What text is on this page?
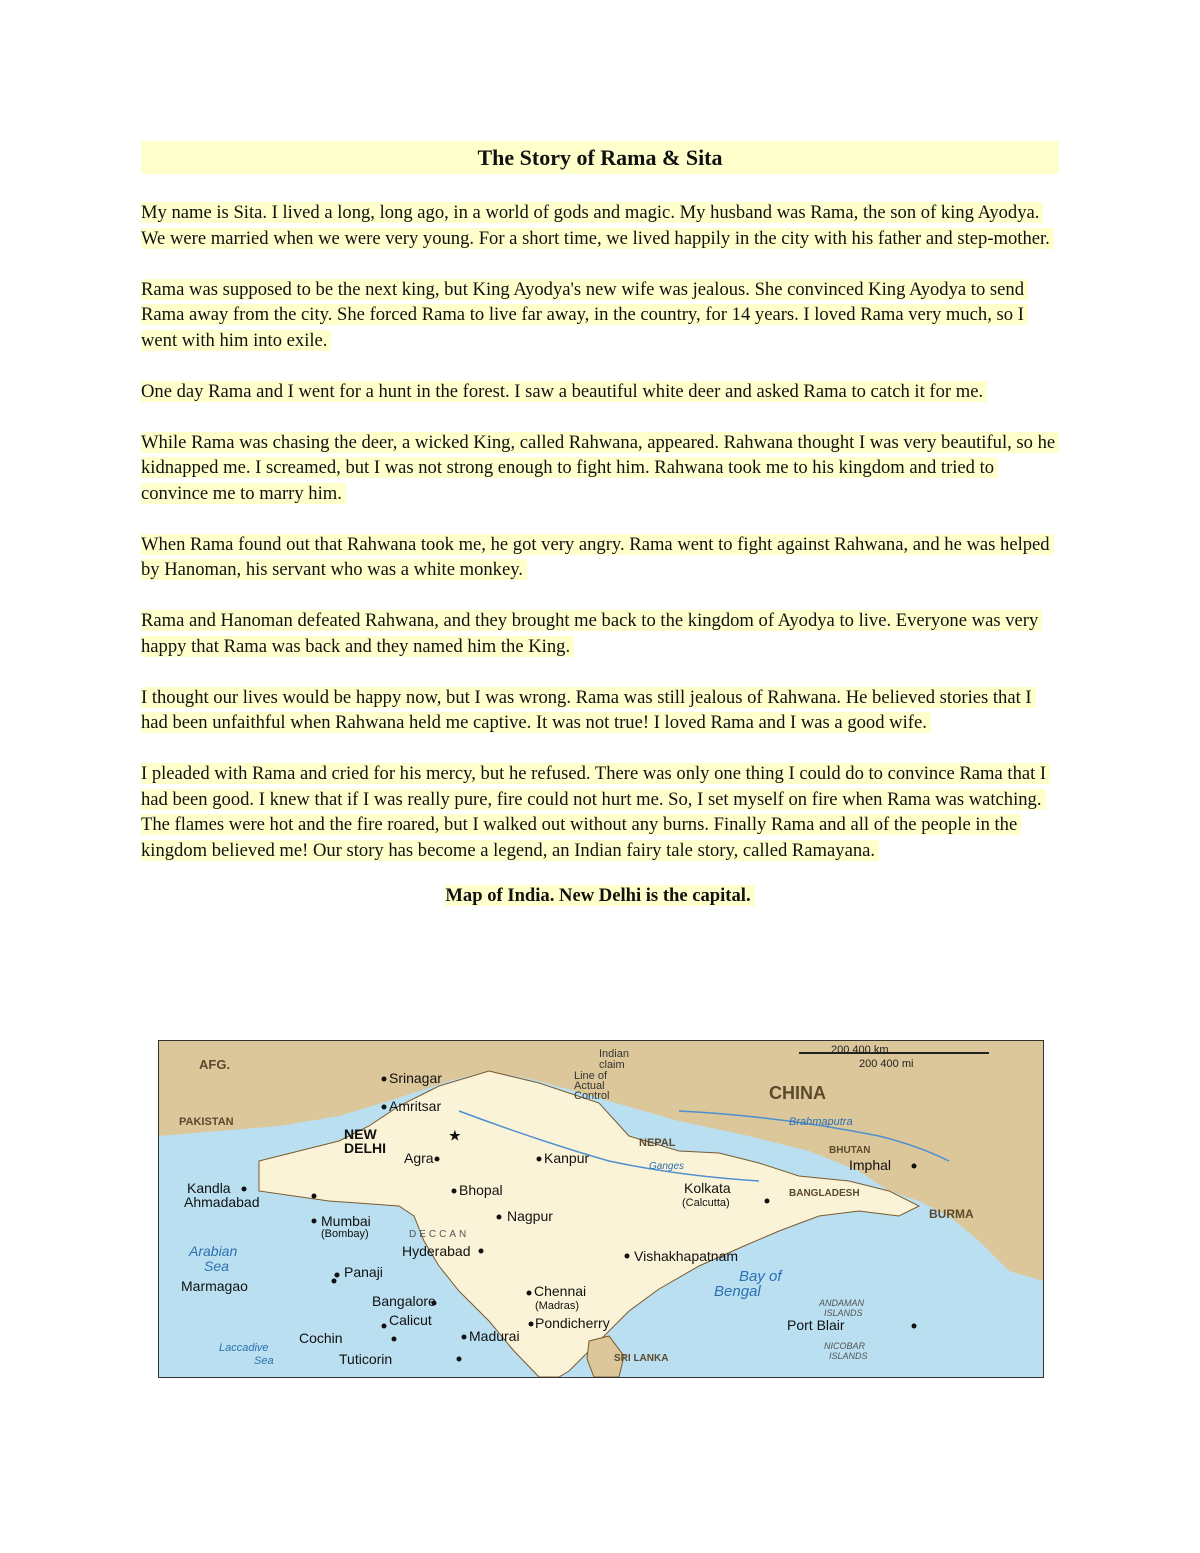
The Story of Rama & Sita

My name is Sita. I lived a long, long ago, in a world of gods and magic. My husband was Rama, the son of king Ayodya. We were married when we were very young. For a short time, we lived happily in the city with his father and step-mother.

Rama was supposed to be the next king, but King Ayodya's new wife was jealous. She convinced King Ayodya to send Rama away from the city. She forced Rama to live far away, in the country, for 14 years. I loved Rama very much, so I went with him into exile.

One day Rama and I went for a hunt in the forest. I saw a beautiful white deer and asked Rama to catch it for me.

While Rama was chasing the deer, a wicked King, called Rahwana, appeared. Rahwana thought I was very beautiful, so he kidnapped me. I screamed, but I was not strong enough to fight him. Rahwana took me to his kingdom and tried to convince me to marry him.

When Rama found out that Rahwana took me, he got very angry. Rama went to fight against Rahwana, and he was helped by Hanoman, his servant who was a white monkey.

Rama and Hanoman defeated Rahwana, and they brought me back to the kingdom of Ayodya to live. Everyone was very happy that Rama was back and they named him the King.

I thought our lives would be happy now, but I was wrong. Rama was still jealous of Rahwana. He believed stories that I had been unfaithful when Rahwana held me captive. It was not true! I loved Rama and I was a good wife.

I pleaded with Rama and cried for his mercy, but he refused. There was only one thing I could do to convince Rama that I had been good. I knew that if I was really pure, fire could not hurt me. So, I set myself on fire when Rama was watching. The flames were hot and the fire roared, but I walked out without any burns. Finally Rama and all of the people in the kingdom believed me! Our story has become a legend, an Indian fairy tale story, called Ramayana.

Map of India. New Delhi is the capital.
200 400 km
200 400 mi
AFG.
PAKISTAN
CHINA
NEPAL
BHUTAN
BANGLADESH
BURMA
SRI LANKA
Indian
claim
Line of
Actual
Control
Arabian
Sea
Bay of
Bengal
Laccadive
Sea
Brahmaputra
Ganges
DECCAN
ANDAMAN
ISLANDS
NICOBAR
ISLANDS
NEW
DELHI
★
Srinagar
Amritsar
Agra	Kanpur	Imphal
Kandla
Ahmadabad
Bhopal	Kolkata
(Calcutta)
Mumbai
(Bombay)
Nagpur
Hyderabad	Vishakhapatnam
Marmagao
Panaji
Chennai
(Madras)
Bangalore
Calicut	Pondicherry	Port Blair
Madurai
Cochin
Tuticorin
